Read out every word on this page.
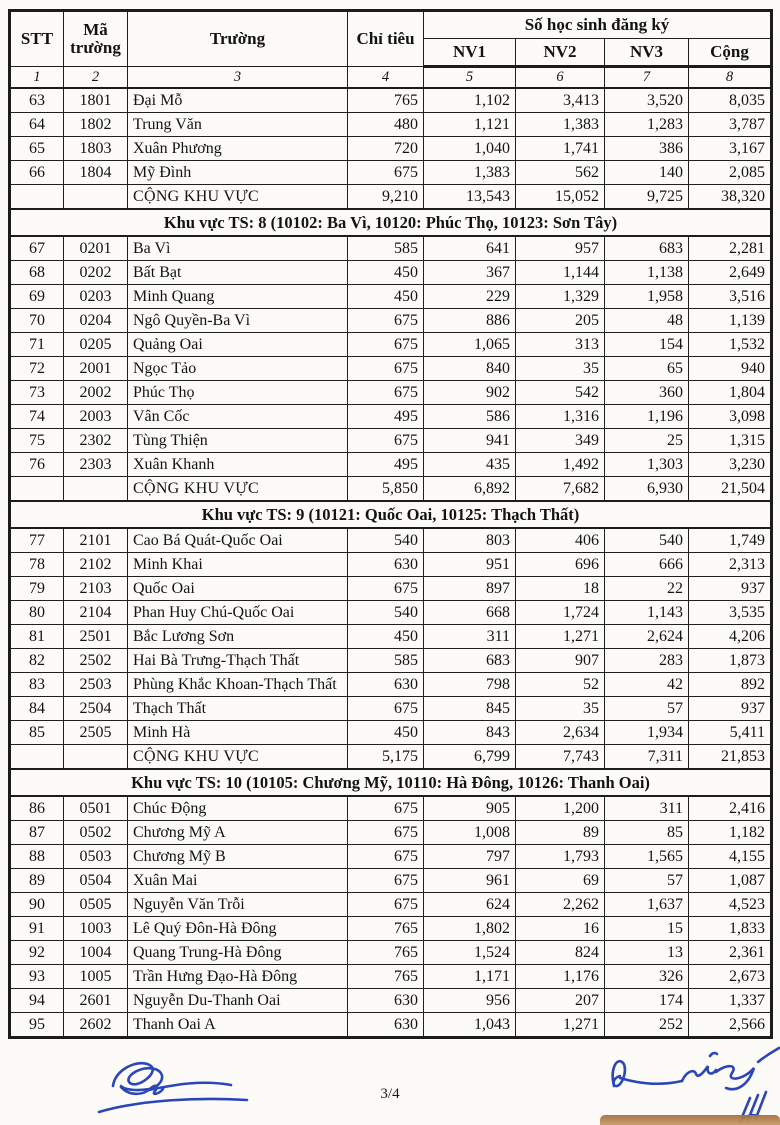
STT	Mã trường	Trường	Chỉ tiêu	Số học sinh đăng ký			
				NV1	NV2	NV3	Cộng
1	2	3	4	5	6	7	8
63	1801	Đại Mỗ	765	1,102	3,413	3,520	8,035
64	1802	Trung Văn	480	1,121	1,383	1,283	3,787
65	1803	Xuân Phương	720	1,040	1,741	386	3,167
66	1804	Mỹ Đình	675	1,383	562	140	2,085
		CỘNG KHU VỰC	9,210	13,543	15,052	9,725	38,320
Khu vực TS: 8 (10102: Ba Vì, 10120: Phúc Thọ, 10123: Sơn Tây)							
67	0201	Ba Vì	585	641	957	683	2,281
68	0202	Bất Bạt	450	367	1,144	1,138	2,649
69	0203	Minh Quang	450	229	1,329	1,958	3,516
70	0204	Ngô Quyền-Ba Vì	675	886	205	48	1,139
71	0205	Quảng Oai	675	1,065	313	154	1,532
72	2001	Ngọc Tảo	675	840	35	65	940
73	2002	Phúc Thọ	675	902	542	360	1,804
74	2003	Vân Cốc	495	586	1,316	1,196	3,098
75	2302	Tùng Thiện	675	941	349	25	1,315
76	2303	Xuân Khanh	495	435	1,492	1,303	3,230
		CỘNG KHU VỰC	5,850	6,892	7,682	6,930	21,504
Khu vực TS: 9 (10121: Quốc Oai, 10125: Thạch Thất)							
77	2101	Cao Bá Quát-Quốc Oai	540	803	406	540	1,749
78	2102	Minh Khai	630	951	696	666	2,313
79	2103	Quốc Oai	675	897	18	22	937
80	2104	Phan Huy Chú-Quốc Oai	540	668	1,724	1,143	3,535
81	2501	Bắc Lương Sơn	450	311	1,271	2,624	4,206
82	2502	Hai Bà Trưng-Thạch Thất	585	683	907	283	1,873
83	2503	Phùng Khắc Khoan-Thạch Thất	630	798	52	42	892
84	2504	Thạch Thất	675	845	35	57	937
85	2505	Minh Hà	450	843	2,634	1,934	5,411
		CỘNG KHU VỰC	5,175	6,799	7,743	7,311	21,853
Khu vực TS: 10 (10105: Chương Mỹ, 10110: Hà Đông, 10126: Thanh Oai)							
86	0501	Chúc Động	675	905	1,200	311	2,416
87	0502	Chương Mỹ A	675	1,008	89	85	1,182
88	0503	Chương Mỹ B	675	797	1,793	1,565	4,155
89	0504	Xuân Mai	675	961	69	57	1,087
90	0505	Nguyễn Văn Trỗi	675	624	2,262	1,637	4,523
91	1003	Lê Quý Đôn-Hà Đông	765	1,802	16	15	1,833
92	1004	Quang Trung-Hà Đông	765	1,524	824	13	2,361
93	1005	Trần Hưng Đạo-Hà Đông	765	1,171	1,176	326	2,673
94	2601	Nguyễn Du-Thanh Oai	630	956	207	174	1,337
95	2602	Thanh Oai A	630	1,043	1,271	252	2,566
3/4
